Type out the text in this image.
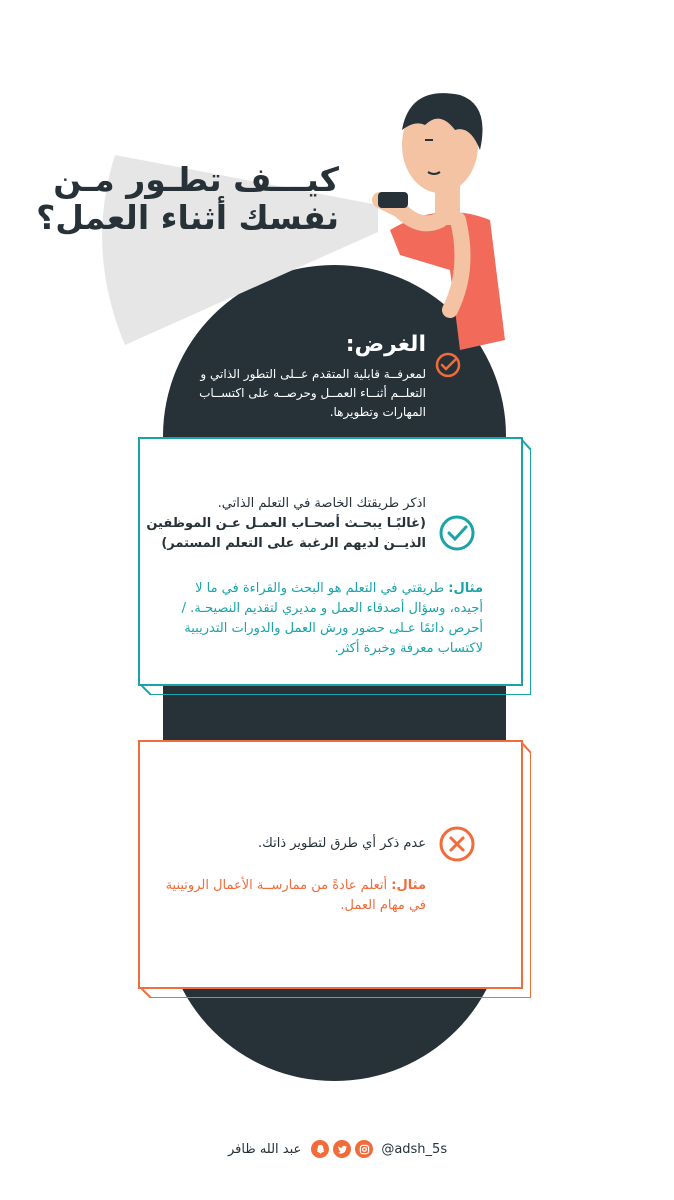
كيـــف تطـور مـن
نفسك أثناء العمل؟
الغرض:
لمعرفــة قابلية المتقدم عــلى التطور الذاتي و التعلــم أثنــاء العمــل وحرصــه على اكتســاب المهارات وتطويرها.
اذكر طريقتك الخاصة في التعلم الذاتي.
(غالبًـا يبحـث أصحـاب العمـل عـن الموظفين الذيــن لديهم الرغبة على التعلم المستمر)
مثال: طريقتي في التعلم هو البحث والقراءة في ما لا أجيده، وسؤال أصدقاء العمل و مديري لتقديم النصيحـة. / أحرص دائمًا عـلى حضور ورش العمل والدورات التدريبية لاكتساب معرفة وخبرة أكثر.
عدم ذكر أي طرق لتطوير ذاتك.
مثال: أتعلم عادةً من ممارســة الأعمال الروتينية في مهام العمل.
عبد الله ظافر	@adsh_5s
